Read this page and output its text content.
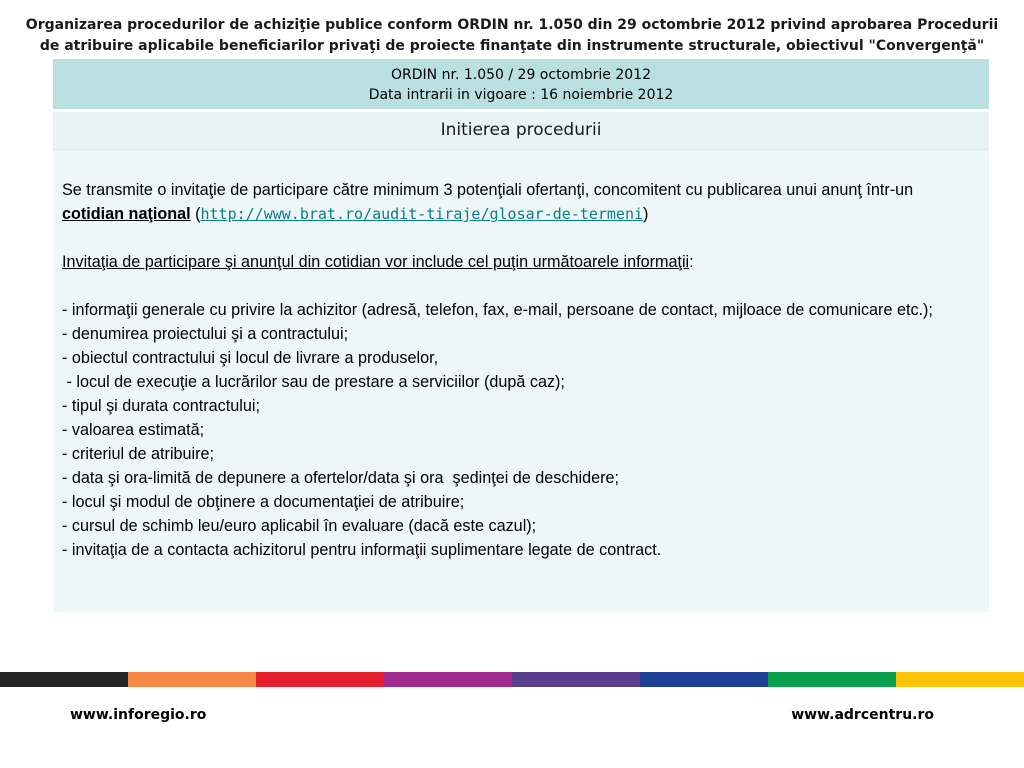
Organizarea procedurilor de achiziţie publice conform ORDIN nr. 1.050 din 29 octombrie 2012 privind aprobarea Procedurii de atribuire aplicabile beneficiarilor privaţi de proiecte finanţate din instrumente structurale, obiectivul "Convergenţă"
ORDIN nr. 1.050 / 29 octombrie 2012
Data intrarii in vigoare : 16 noiembrie 2012
Initierea procedurii

Se transmite o invitaţie de participare către minimum 3 potenţiali ofertanţi, concomitent cu publicarea unui anunţ într-un cotidian naţional (http://www.brat.ro/audit-tiraje/glosar-de-termeni)

Invitaţia de participare şi anunţul din cotidian vor include cel puţin următoarele informaţii:

- informaţii generale cu privire la achizitor (adresă, telefon, fax, e-mail, persoane de contact, mijloace de comunicare etc.);

- denumirea proiectului şi a contractului;

- obiectul contractului şi locul de livrare a produselor,

- locul de execuţie a lucrărilor sau de prestare a serviciilor (după caz);

- tipul şi durata contractului;

- valoarea estimată;

- criteriul de atribuire;

- data şi ora-limită de depunere a ofertelor/data şi ora  şedinţei de deschidere;

- locul şi modul de obţinere a documentaţiei de atribuire;

- cursul de schimb leu/euro aplicabil în evaluare (dacă este cazul);

- invitaţia de a contacta achizitorul pentru informaţii suplimentare legate de contract.

www.inforegio.ro	www.adrcentru.ro
